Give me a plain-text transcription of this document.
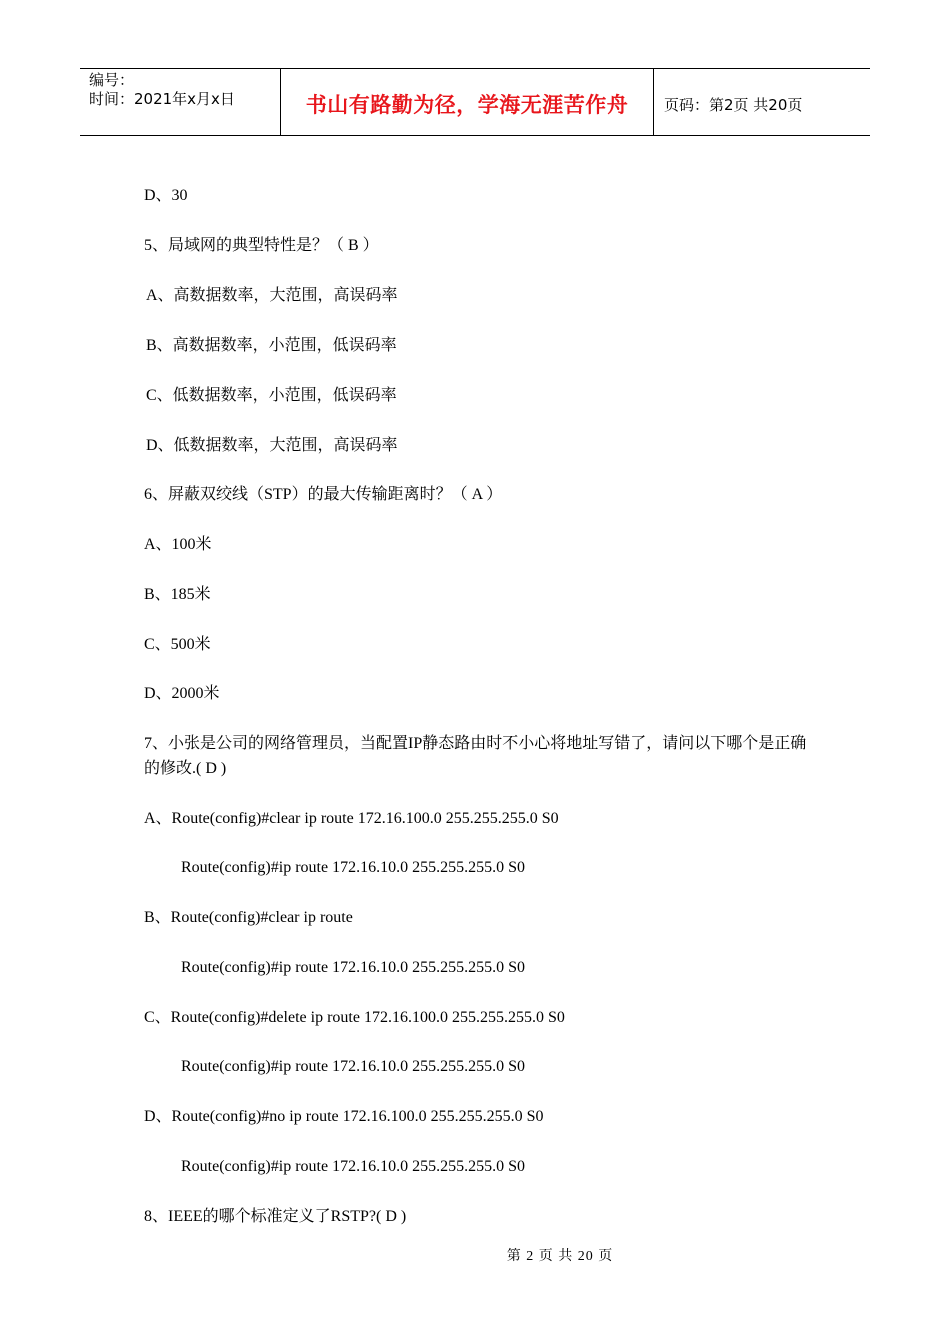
编号：
时间：2021年x月x日	书山有路勤为径，学海无涯苦作舟	页码：第2页 共20页
D、30
5、局域网的典型特性是？（ B ）
A、高数据数率，大范围，高误码率
B、高数据数率，小范围，低误码率
C、低数据数率，小范围，低误码率
D、低数据数率，大范围，高误码率
6、屏蔽双绞线（STP）的最大传输距离时？（ A ）
A、100米
B、185米
C、500米
D、2000米
7、小张是公司的网络管理员，当配置IP静态路由时不小心将地址写错了，请问以下哪个是正确的修改.( D )
A、Route(config)#clear ip route 172.16.100.0 255.255.255.0 S0
Route(config)#ip route 172.16.10.0 255.255.255.0 S0
B、Route(config)#clear ip route
Route(config)#ip route 172.16.10.0 255.255.255.0 S0
C、Route(config)#delete ip route 172.16.100.0 255.255.255.0 S0
Route(config)#ip route 172.16.10.0 255.255.255.0 S0
D、Route(config)#no ip route 172.16.100.0 255.255.255.0 S0
Route(config)#ip route 172.16.10.0 255.255.255.0 S0
8、IEEE的哪个标准定义了RSTP?( D )
第 2 页 共 20 页
